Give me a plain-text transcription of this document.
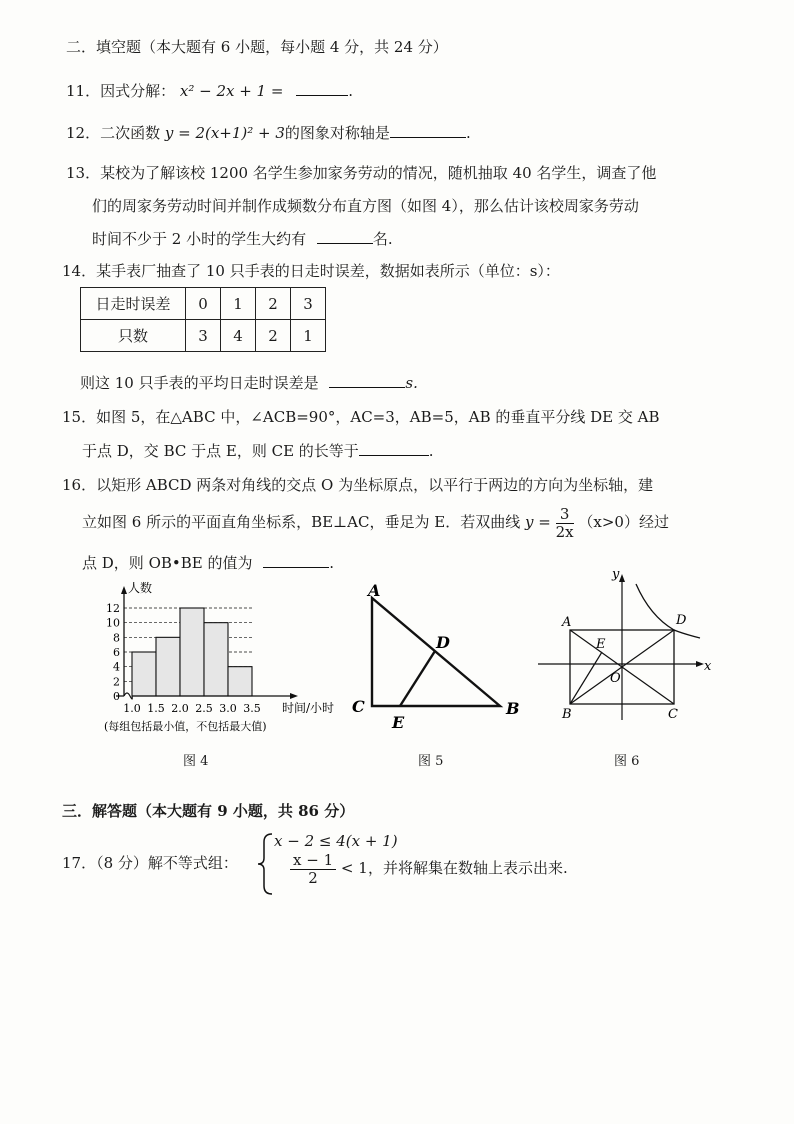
二．填空题（本大题有 6 小题，每小题 4 分，共 24 分）
11．因式分解： x² − 2x + 1 =	.
12．二次函数 y = 2(x+1)² + 3的图象对称轴是	.
13．某校为了解该校 1200 名学生参加家务劳动的情况，随机抽取 40 名学生，调查了他
们的周家务劳动时间并制作成频数分布直方图（如图 4），那么估计该校周家务劳动
时间不少于 2 小时的学生大约有	名.
14．某手表厂抽查了 10 只手表的日走时误差，数据如表所示（单位：s）：
日走时误差	0	1	2	3
只数	3	4	2	1
则这 10 只手表的平均日走时误差是	s.
15．如图 5，在△ABC 中，∠ACB=90°，AC=3，AB=5，AB 的垂直平分线 DE 交 AB
于点 D，交 BC 于点 E，则 CE 的长等于	.
16．以矩形 ABCD 两条对角线的交点 O 为坐标原点，以平行于两边的方向为坐标轴，建
立如图 6 所示的平面直角坐标系，BE⊥AC，垂足为 E．若双曲线 $y = \frac{3}{2x} (x>0)$经过
点 D，则 OB•BE 的值为	.
0
2
4
6
8
10
12
1.0 1.5 2.0 2.5 3.0 3.5
人数
时间/小时
(每组包括最小值，不包括最大值)
A
D
C
E
B
A	D
E
O
B	C
x
y
图 4	图 5	图 6
三．解答题（本大题有 9 小题，共 86 分）
17．（8 分）解不等式组：
x − 2 ≤ 4(x + 1)
$\frac{x - 1}{2} < 1$ ，并将解集在数轴上表示出来.
